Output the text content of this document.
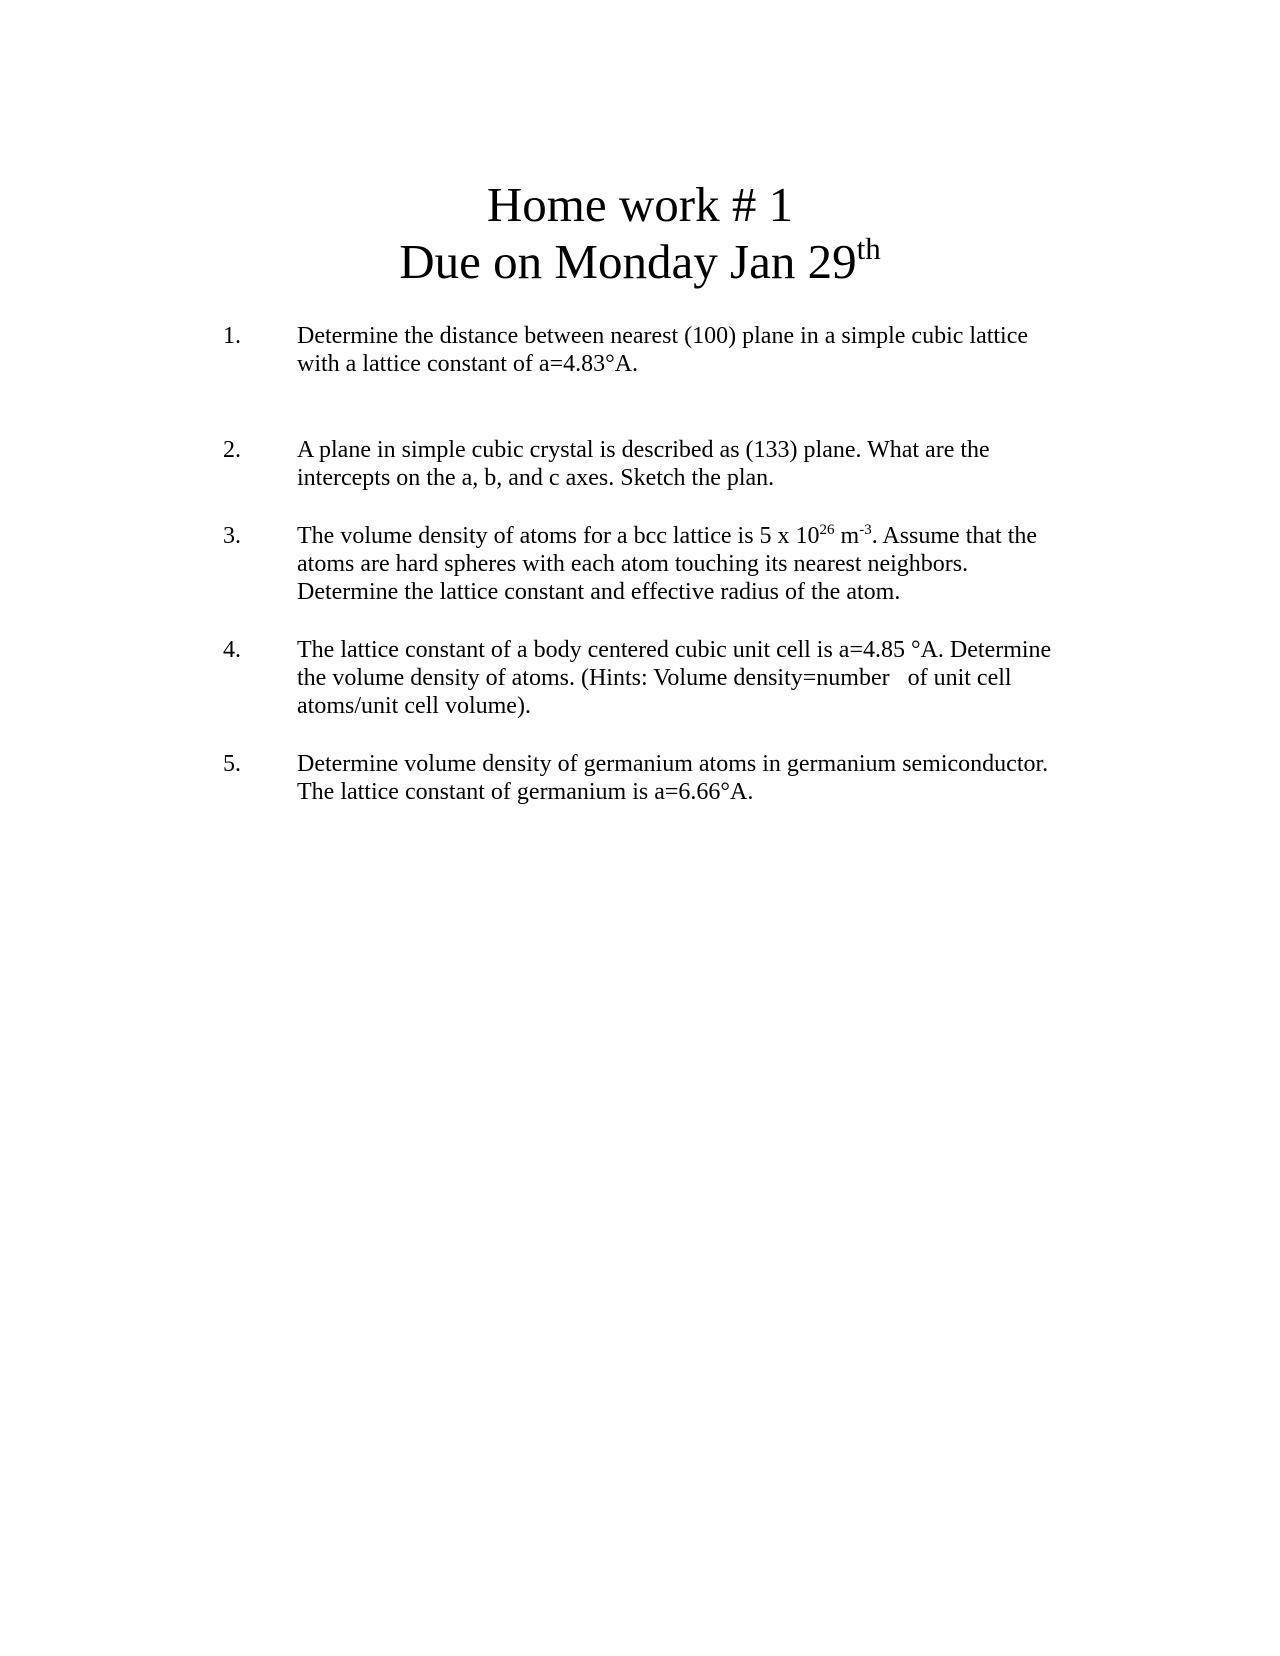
Home work # 1
Due on Monday Jan 29th
1. Determine the distance between nearest (100) plane in a simple cubic lattice
with a lattice constant of a=4.83°A.
2. A plane in simple cubic crystal is described as (133) plane. What are the
intercepts on the a, b, and c axes. Sketch the plan.
3. The volume density of atoms for a bcc lattice is 5 x $10^{26}$ $m^{-3}$. Assume that the
atoms are hard spheres with each atom touching its nearest neighbors.
Determine the lattice constant and effective radius of the atom.
4. The lattice constant of a body centered cubic unit cell is a=4.85 °A. Determine
the volume density of atoms. (Hints: Volume density=number   of unit cell
atoms/unit cell volume).
5. Determine volume density of germanium atoms in germanium semiconductor.
The lattice constant of germanium is a=6.66°A.
